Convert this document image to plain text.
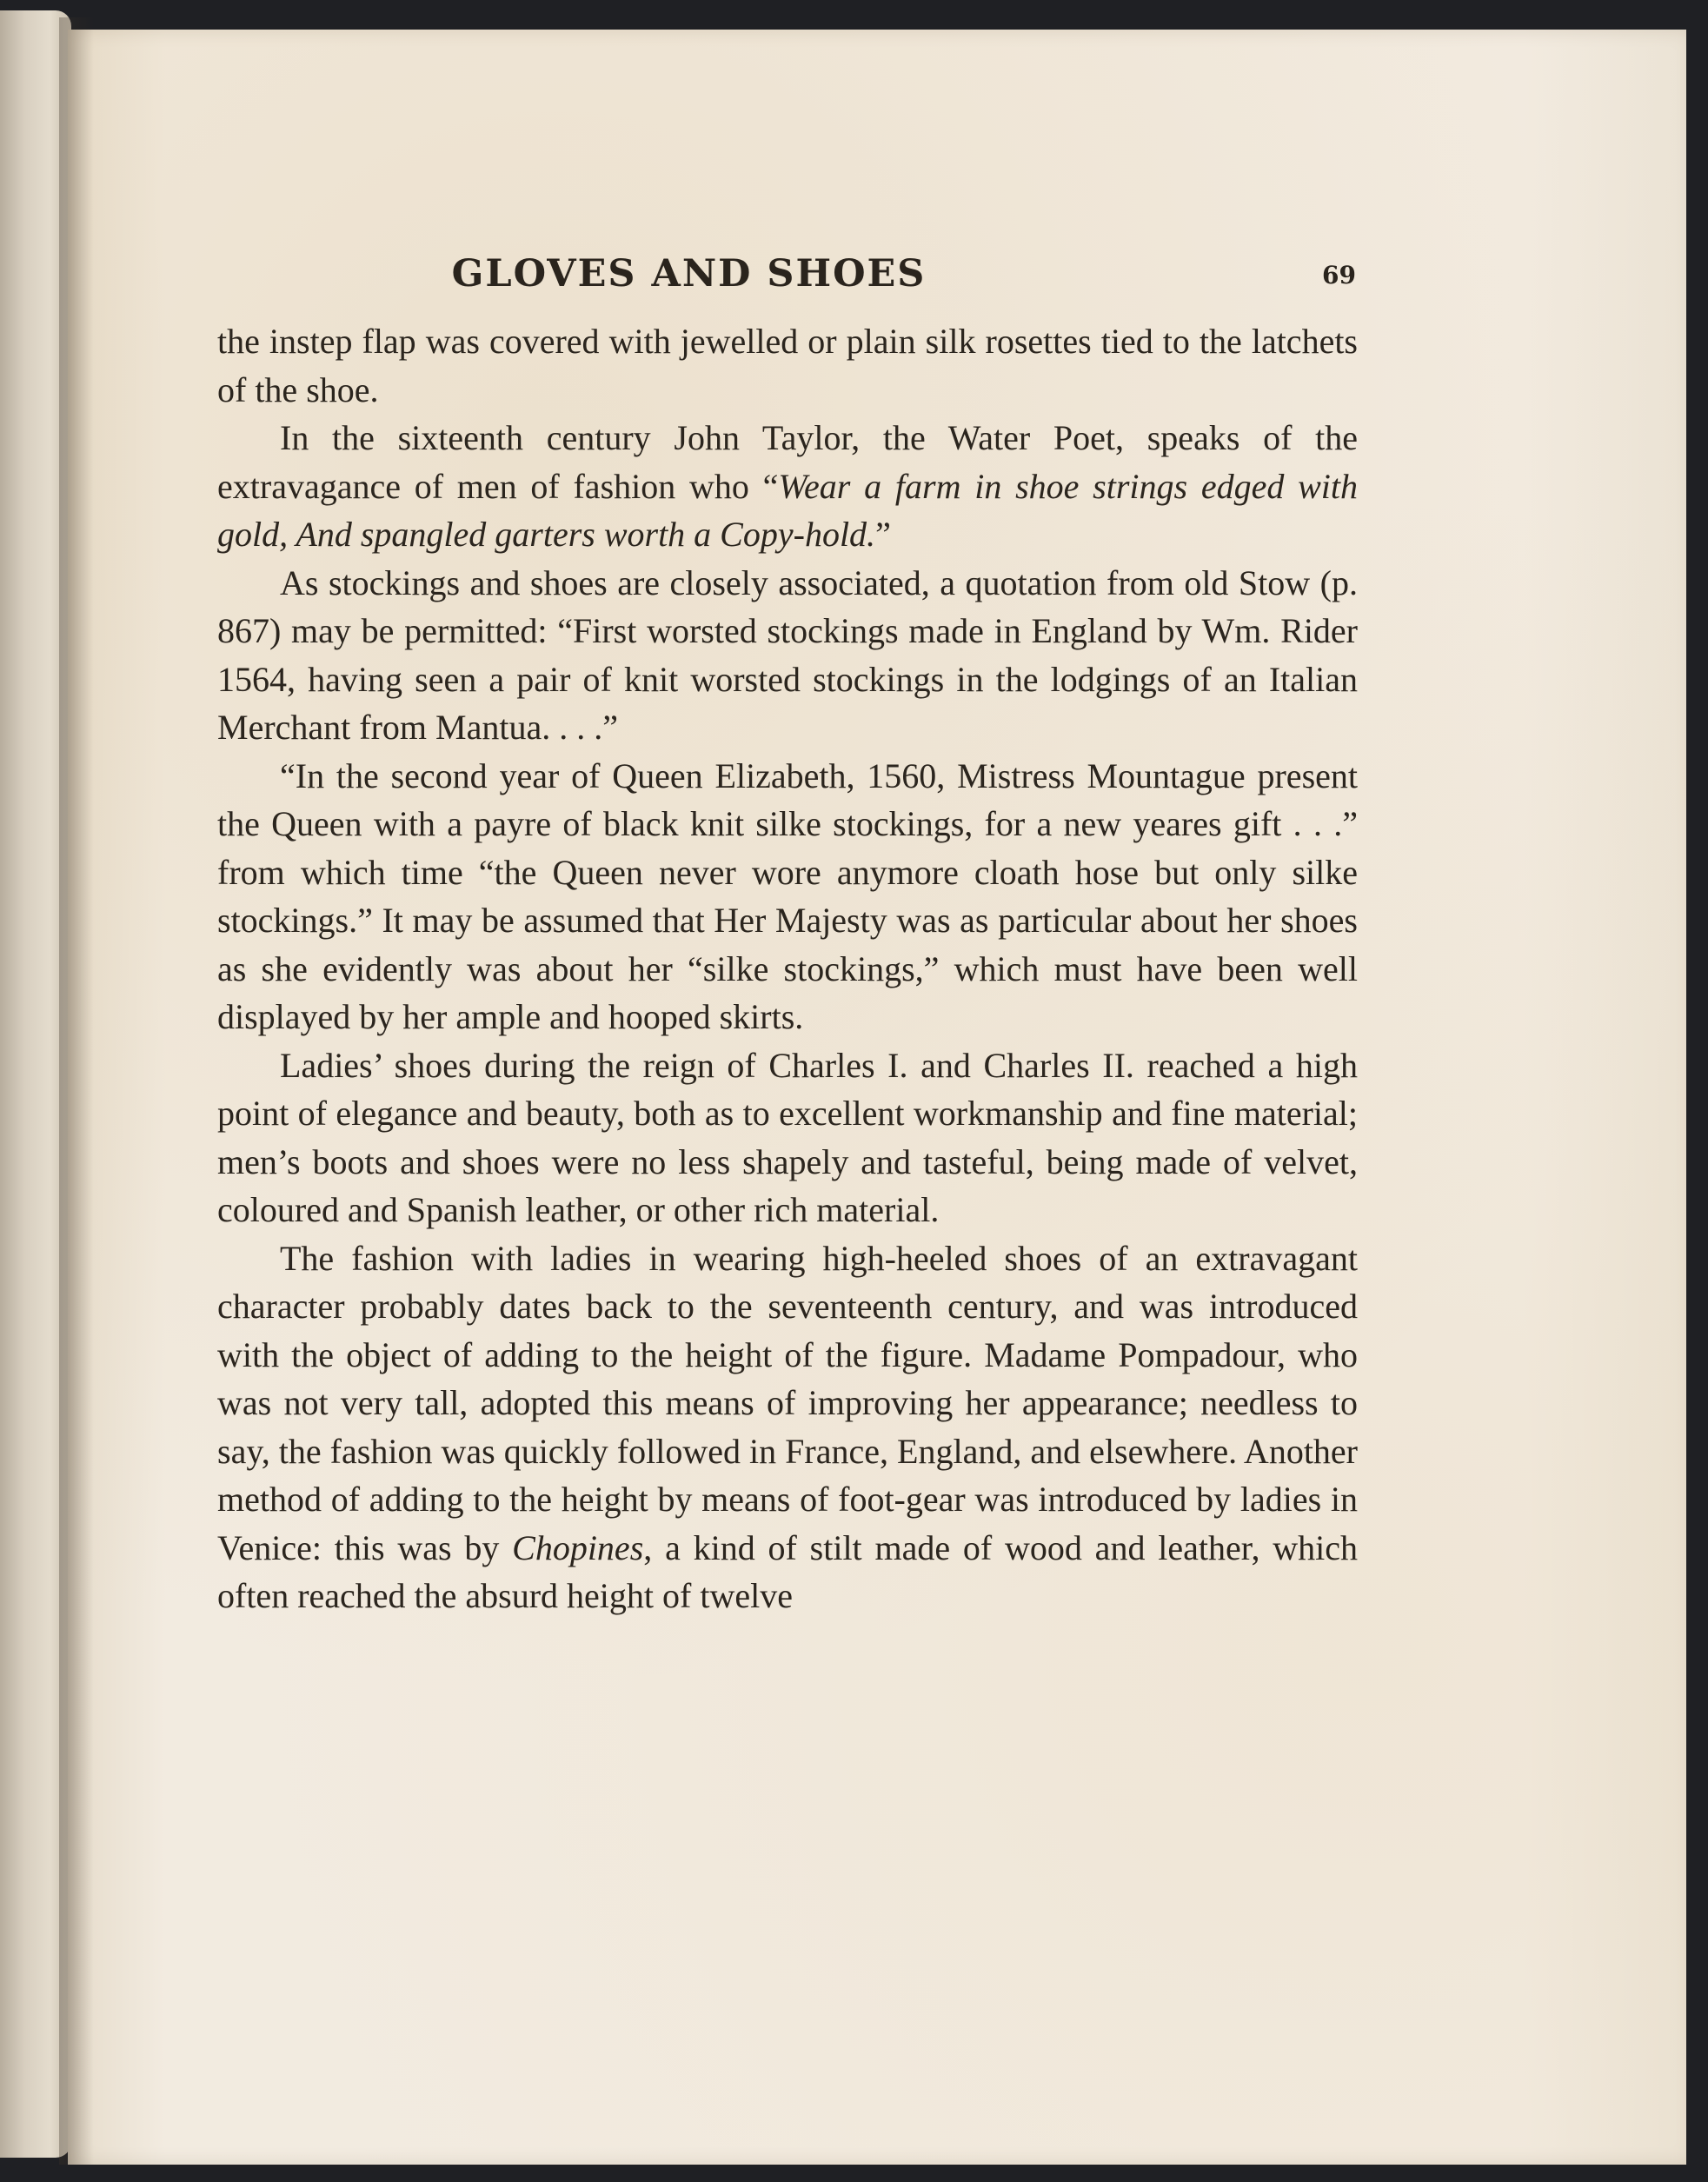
GLOVES AND SHOES	69

the instep flap was covered with jewelled or plain silk rosettes tied to the latchets of the shoe.

In the sixteenth century John Taylor, the Water Poet, speaks of the extravagance of men of fashion who “Wear a farm in shoe strings edged with gold, And spangled garters worth a Copy-hold.”

As stockings and shoes are closely associated, a quotation from old Stow (p. 867) may be permitted: “First worsted stockings made in England by Wm. Rider 1564, having seen a pair of knit worsted stockings in the lodgings of an Italian Merchant from Mantua. . . .”

“In the second year of Queen Elizabeth, 1560, Mistress Mountague present the Queen with a payre of black knit silke stockings, for a new yeares gift . . .” from which time “the Queen never wore anymore cloath hose but only silke stockings.” It may be assumed that Her Majesty was as particular about her shoes as she evidently was about her “silke stockings,” which must have been well displayed by her ample and hooped skirts.

Ladies’ shoes during the reign of Charles I. and Charles II. reached a high point of elegance and beauty, both as to excellent workmanship and fine material; men’s boots and shoes were no less shapely and tasteful, being made of velvet, coloured and Spanish leather, or other rich material.

The fashion with ladies in wearing high-heeled shoes of an extravagant character probably dates back to the seventeenth century, and was introduced with the object of adding to the height of the figure. Madame Pompadour, who was not very tall, adopted this means of improving her appearance; needless to say, the fashion was quickly followed in France, England, and elsewhere. Another method of adding to the height by means of foot-gear was introduced by ladies in Venice: this was by Chopines, a kind of stilt made of wood and leather, which often reached the absurd height of twelve
